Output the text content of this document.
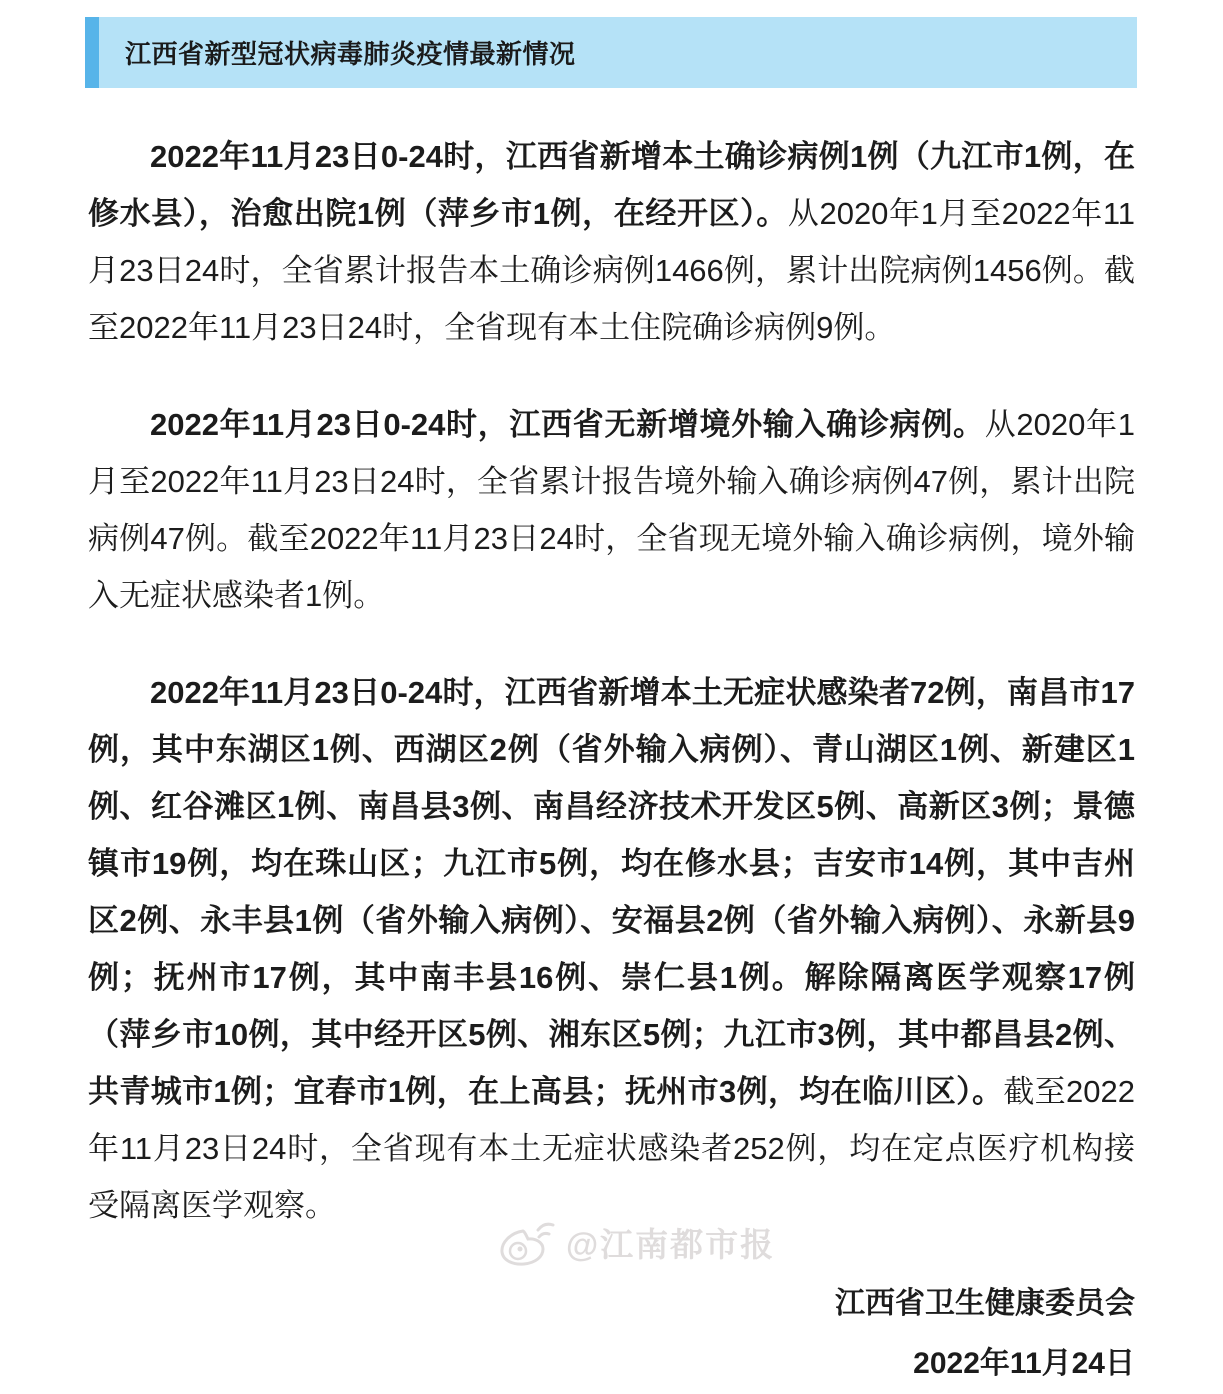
江西省新型冠状病毒肺炎疫情最新情况

2022年11月23日0-24时，江西省新增本土确诊病例1例（九江市1例，在修水县），治愈出院1例（萍乡市1例，在经开区）。从2020年1月至2022年11月23日24时，全省累计报告本土确诊病例1466例，累计出院病例1456例。截至2022年11月23日24时，全省现有本土住院确诊病例9例。

2022年11月23日0-24时，江西省无新增境外输入确诊病例。从2020年1月至2022年11月23日24时，全省累计报告境外输入确诊病例47例，累计出院病例47例。截至2022年11月23日24时，全省现无境外输入确诊病例，境外输入无症状感染者1例。

2022年11月23日0-24时，江西省新增本土无症状感染者72例，南昌市17例，其中东湖区1例、西湖区2例（省外输入病例）、青山湖区1例、新建区1例、红谷滩区1例、南昌县3例、南昌经济技术开发区5例、高新区3例；景德镇市19例，均在珠山区；九江市5例，均在修水县；吉安市14例，其中吉州区2例、永丰县1例（省外输入病例）、安福县2例（省外输入病例）、永新县9例；抚州市17例，其中南丰县16例、崇仁县1例。解除隔离医学观察17例（萍乡市10例，其中经开区5例、湘东区5例；九江市3例，其中都昌县2例、共青城市1例；宜春市1例，在上高县；抚州市3例，均在临川区）。截至2022年11月23日24时，全省现有本土无症状感染者252例，均在定点医疗机构接受隔离医学观察。

江西省卫生健康委员会

2022年11月24日

@江南都市报
